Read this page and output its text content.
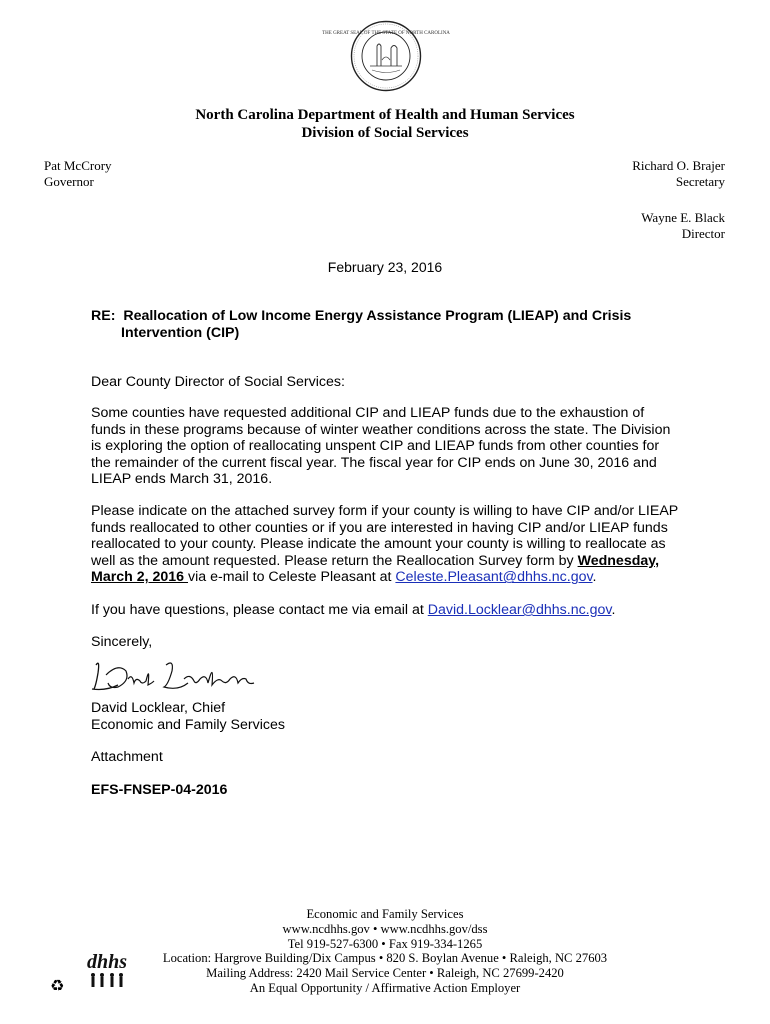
THE GREAT SEAL OF THE STATE OF NORTH CAROLINA
North Carolina Department of Health and Human Services
Division of Social Services
Pat McCrory
Governor
Richard O. Brajer
Secretary
Wayne E. Black
Director
February 23, 2016
RE: Reallocation of Low Income Energy Assistance Program (LIEAP) and Crisis
Intervention (CIP)
Dear County Director of Social Services:
Some counties have requested additional CIP and LIEAP funds due to the exhaustion of
funds in these programs because of winter weather conditions across the state. The Division
is exploring the option of reallocating unspent CIP and LIEAP funds from other counties for
the remainder of the current fiscal year. The fiscal year for CIP ends on June 30, 2016 and
LIEAP ends March 31, 2016.
Please indicate on the attached survey form if your county is willing to have CIP and/or LIEAP
funds reallocated to other counties or if you are interested in having CIP and/or LIEAP funds
reallocated to your county. Please indicate the amount your county is willing to reallocate as
well as the amount requested. Please return the Reallocation Survey form by Wednesday,
March 2, 2016 via e-mail to Celeste Pleasant at Celeste.Pleasant@dhhs.nc.gov.
If you have questions, please contact me via email at David.Locklear@dhhs.nc.gov.
Sincerely,
David Locklear, Chief
Economic and Family Services
Attachment
EFS-FNSEP-04-2016
Economic and Family Services
www.ncdhhs.gov • www.ncdhhs.gov/dss
Tel 919-527-6300 • Fax 919-334-1265
Location: Hargrove Building/Dix Campus • 820 S. Boylan Avenue • Raleigh, NC 27603
Mailing Address: 2420 Mail Service Center • Raleigh, NC 27699-2420
An Equal Opportunity / Affirmative Action Employer
dhhs
♻
